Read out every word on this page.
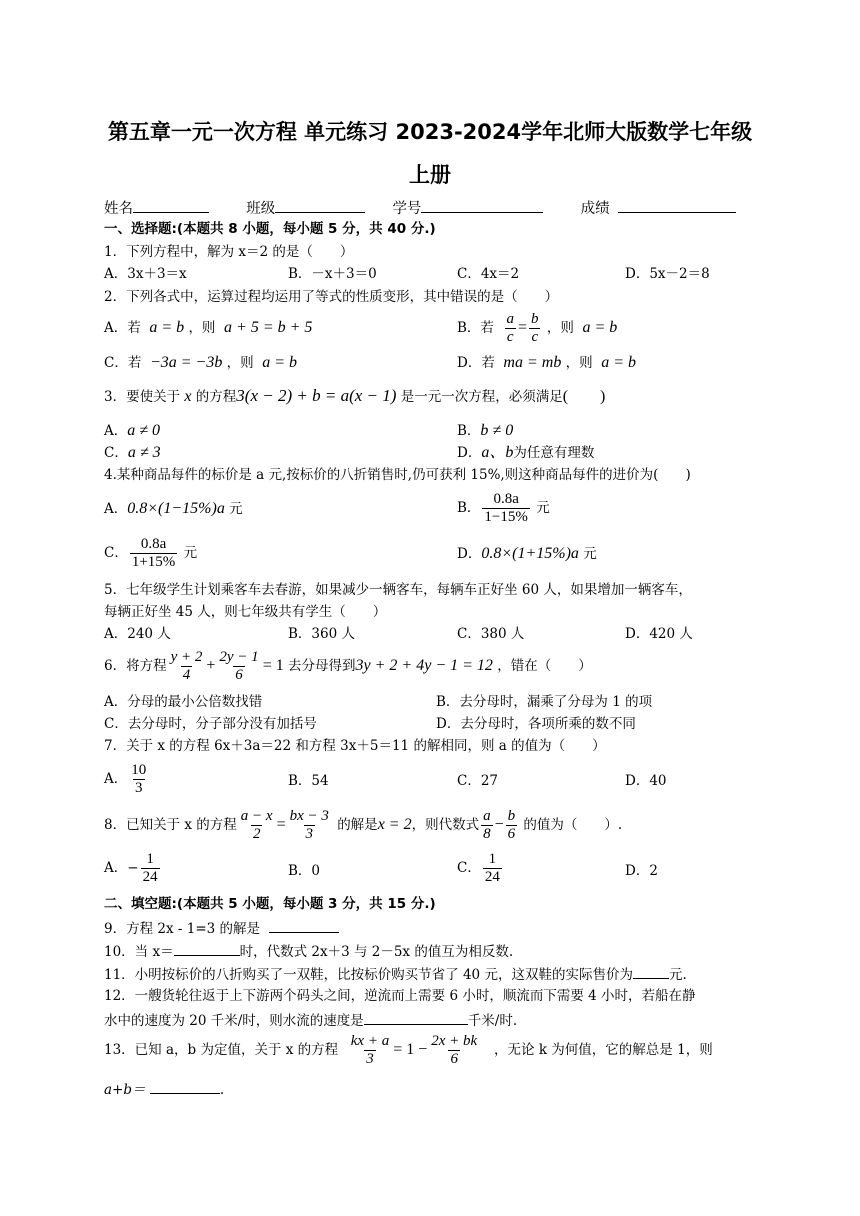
第五章一元一次方程 单元练习 2023-2024学年北师大版数学七年级
上册
姓名	班级	学号	成绩
一、选择题:(本题共 8 小题，每小题 5 分，共 40 分.)
1．下列方程中，解为 x＝2 的是（　　）
A．3x＋3＝x	B．－x＋3＝0	C．4x＝2	D．5x－2＝8
2．下列各式中，运算过程均运用了等式的性质变形，其中错误的是（　　）
A．若 a = b ，则 a + 5 = b + 5	B．若 $\frac{a}{c} = \frac{b}{c}$ ，则 a = b
C．若 −3a = −3b ，则 a = b	D．若 ma = mb ，则 a = b
3．要使关于 x 的方程3(x − 2) + b = a(x − 1) 是一元一次方程，必须满足(　　)
A．a ≠ 0	B．b ≠ 0
C．a ≠ 3	D．a、b为任意有理数
4.某种商品每件的标价是 a 元,按标价的八折销售时,仍可获利 15%,则这种商品每件的进价为(　　)
A．0.8×(1−15%)a 元	B． $\frac{0.8a}{1-15\%}$ 元
C． $\frac{0.8a}{1+15\%}$ 元	D．0.8×(1+15%)a 元
5．七年级学生计划乘客车去春游，如果减少一辆客车，每辆车正好坐 60 人，如果增加一辆客车，
每辆正好坐 45 人，则七年级共有学生（　　）
A．240 人	B．360 人	C．380 人	D．420 人
6．将方程 $\frac{y + 2}{4} + \frac{2y - 1}{6} = 1$ 去分母得到3y + 2 + 4y − 1 = 12 ，错在（　　）
A．分母的最小公倍数找错	B．去分母时，漏乘了分母为 1 的项
C．去分母时，分子部分没有加括号	D．去分母时，各项所乘的数不同
7．关于 x 的方程 6x＋3a＝22 和方程 3x＋5＝11 的解相同，则 a 的值为（　　）
A． $\frac{10}{3}$	B．54	C．27	D．40
8．已知关于 x 的方程 $\frac{a - x}{2} = \frac{bx - 3}{3}$ 的解是x = 2，则代数式 $\frac{a}{8} - \frac{b}{6}$ 的值为（　　）.
A．− $\frac{1}{24}$	B．0	C． $\frac{1}{24}$	D．2
二、填空题:(本题共 5 小题，每小题 3 分，共 15 分.)
9．方程 2x - 1=3 的解是
10．当 x＝	时，代数式 2x＋3 与 2－5x 的值互为相反数.
11．小明按标价的八折购买了一双鞋，比按标价购买节省了 40 元，这双鞋的实际售价为	元.
12．一艘货轮往返于上下游两个码头之间，逆流而上需要 6 小时，顺流而下需要 4 小时，若船在静
水中的速度为 20 千米/时，则水流的速度是	千米/时.
13．已知 a，b 为定值，关于 x 的方程 $\frac{kx + a}{3} = 1 - \frac{2x + bk}{6}$ ，无论 k 为何值，它的解总是 1，则
a+b＝	.
